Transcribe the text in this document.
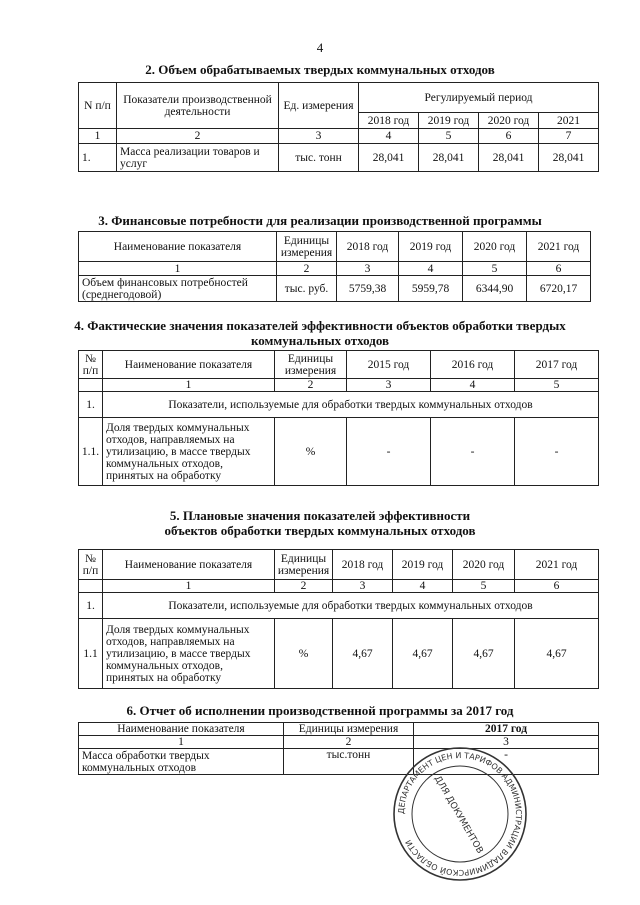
4
2. Объем обрабатываемых твердых коммунальных отходов
N п/п	Показатели производственной деятельности	Ед. измерения	Регулируемый период			
			2018 год	2019 год	2020 год	2021
1	2	3	4	5	6	7
1.	Масса реализации товаров и услуг	тыс. тонн	28,041	28,041	28,041	28,041
3. Финансовые потребности для реализации производственной программы
Наименование показателя	Единицы измерения	2018 год	2019 год	2020 год	2021 год
1	2	3	4	5	6
Объем финансовых потребностей (среднегодовой)	тыс. руб.	5759,38	5959,78	6344,90	6720,17
4. Фактические значения показателей эффективности объектов обработки твердых коммунальных отходов
№ п/п	Наименование показателя	Единицы измерения	2015 год	2016 год	2017 год
	1	2	3	4	5
1.	Показатели, используемые для обработки твердых коммунальных отходов				
1.1.	Доля твердых коммунальных отходов, направляемых на утилизацию, в массе твердых коммунальных отходов, принятых на обработку	%	-	-	-
5. Плановые значения показателей эффективности объектов обработки твердых коммунальных отходов
№ п/п	Наименование показателя	Единицы измерения	2018 год	2019 год	2020 год	2021 год
	1	2	3	4	5	6
1.	Показатели, используемые для обработки твердых коммунальных отходов					
1.1	Доля твердых коммунальных отходов, направляемых на утилизацию, в массе твердых коммунальных отходов, принятых на обработку	%	4,67	4,67	4,67	4,67
6. Отчет об исполнении производственной программы за 2017 год
Наименование показателя	Единицы измерения	2017 год
1	2	3
Масса обработки твердых коммунальных отходов	тыс.тонн	-
ДЕПАРТАМЕНТ ЦЕН И ТАРИФОВ АДМИНИСТРАЦИИ ВЛАДИМИРСКОЙ ОБЛАСТИ	ДЛЯ ДОКУМЕНТОВ
